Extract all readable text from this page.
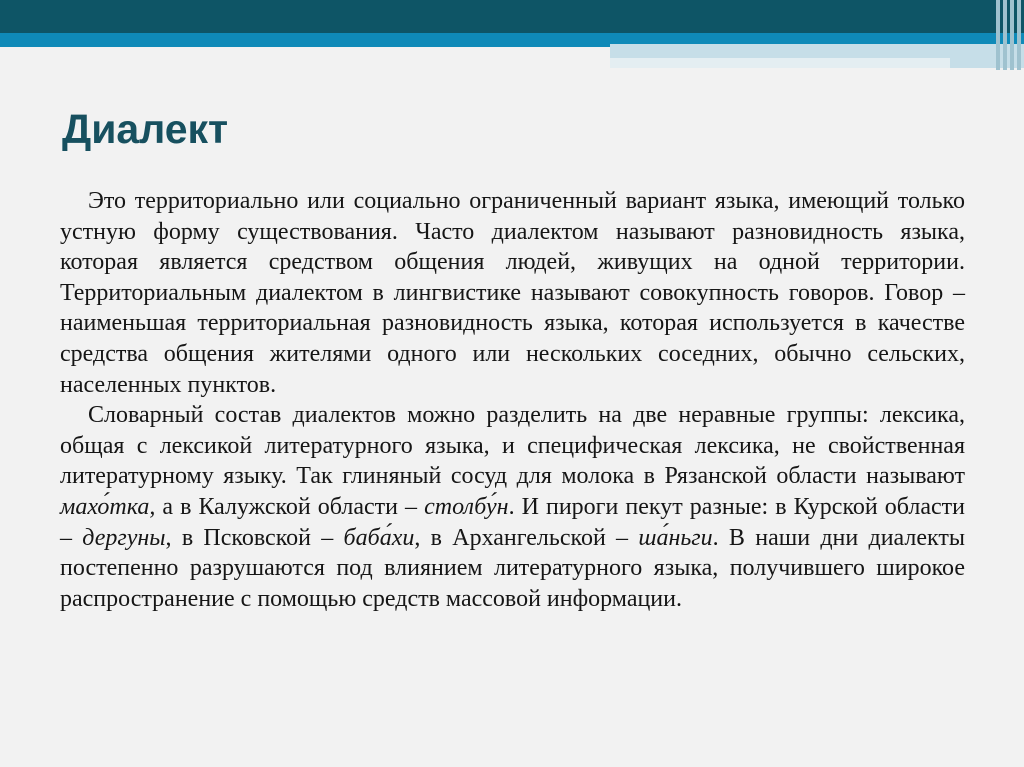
Диалект

Это территориально или социально ограниченный вариант языка, имеющий только устную форму существования. Часто диалектом называют разновидность языка, которая является средством общения людей, живущих на одной территории. Территориальным диалектом в лингвистике называют совокупность говоров. Говор – наименьшая территориальная разновидность языка, которая используется в качестве средства общения жителями одного или нескольких соседних, обычно сельских, населенных пунктов.

Словарный состав диалектов можно разделить на две неравные группы: лексика, общая с лексикой литературного языка, и специфическая лексика, не свойственная литературному языку. Так глиняный сосуд для молока в Рязанской области называют махо́тка, а в Калужской области – столбу́н. И пироги пекут разные: в Курской области – дергуны, в Псковской – баба́хи, в Архангельской – ша́ньги. В наши дни диалекты постепенно разрушаются под влиянием литературного языка, получившего широкое распространение с помощью средств массовой информации.
